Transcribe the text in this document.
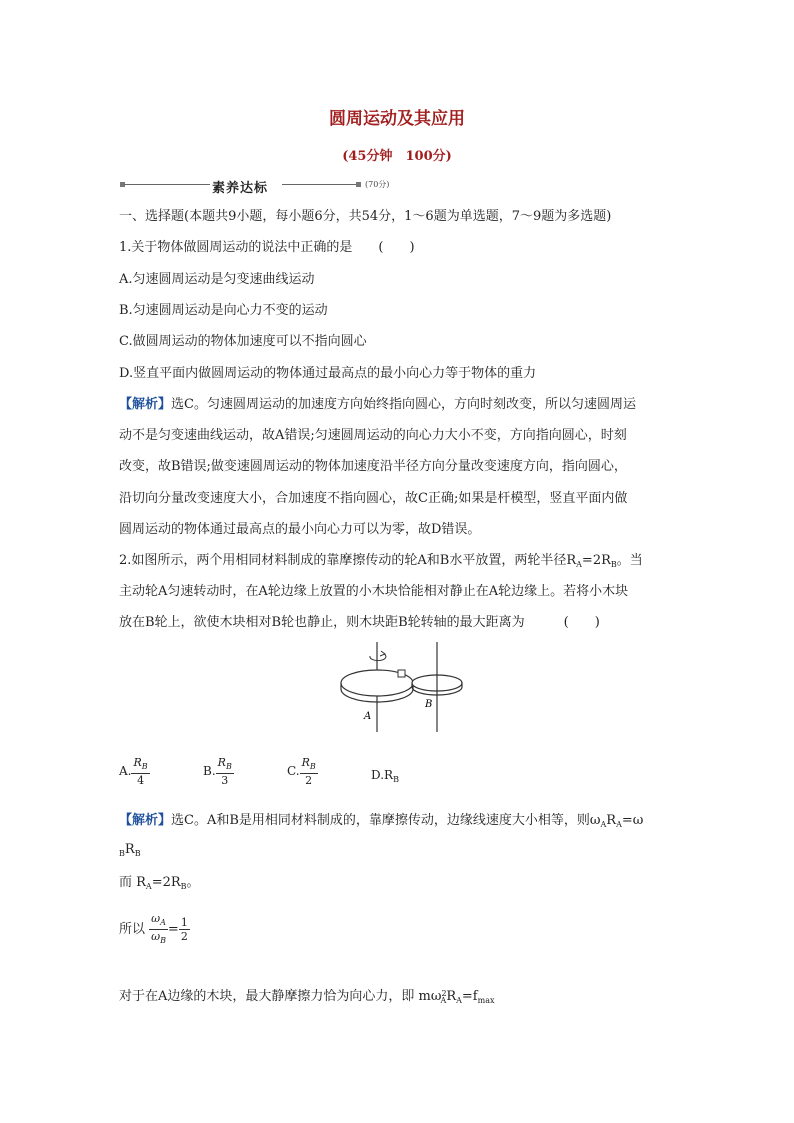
圆周运动及其应用
(45分钟　100分)
素养达标	(70分)
一、选择题(本题共9小题，每小题6分，共54分，1～6题为单选题，7～9题为多选题)
1.关于物体做圆周运动的说法中正确的是　　(　　)
A.匀速圆周运动是匀变速曲线运动
B.匀速圆周运动是向心力不变的运动
C.做圆周运动的物体加速度可以不指向圆心
D.竖直平面内做圆周运动的物体通过最高点的最小向心力等于物体的重力
【解析】选C。匀速圆周运动的加速度方向始终指向圆心，方向时刻改变，所以匀速圆周运
动不是匀变速曲线运动，故A错误;匀速圆周运动的向心力大小不变，方向指向圆心，时刻
改变，故B错误;做变速圆周运动的物体加速度沿半径方向分量改变速度方向，指向圆心，
沿切向分量改变速度大小，合加速度不指向圆心，故C正确;如果是杆模型，竖直平面内做
圆周运动的物体通过最高点的最小向心力可以为零，故D错误。
2.如图所示，两个用相同材料制成的靠摩擦传动的轮A和B水平放置，两轮半径$R_A=2R_B$。当
主动轮A匀速转动时，在A轮边缘上放置的小木块恰能相对静止在A轮边缘上。若将小木块
放在B轮上，欲使木块相对B轮也静止，则木块距B轮转轴的最大距离为　　　(　　)
A
B
A. $\frac{R_B}{4}$	B. $\frac{R_B}{3}$	C. $\frac{R_B}{2}$	$D.R_B$
【解析】选C。A和B是用相同材料制成的，靠摩擦传动，边缘线速度大小相等，则$\omega_AR_A=\omega$
$_BR_B$
而 $R_A=2R_B$。
所以 $\frac{\omega_A}{\omega_B} = \frac{1}{2}$
对于在A边缘的木块，最大静摩擦力恰为向心力，即 $m\omega^2_AR_A=f_{max}$
